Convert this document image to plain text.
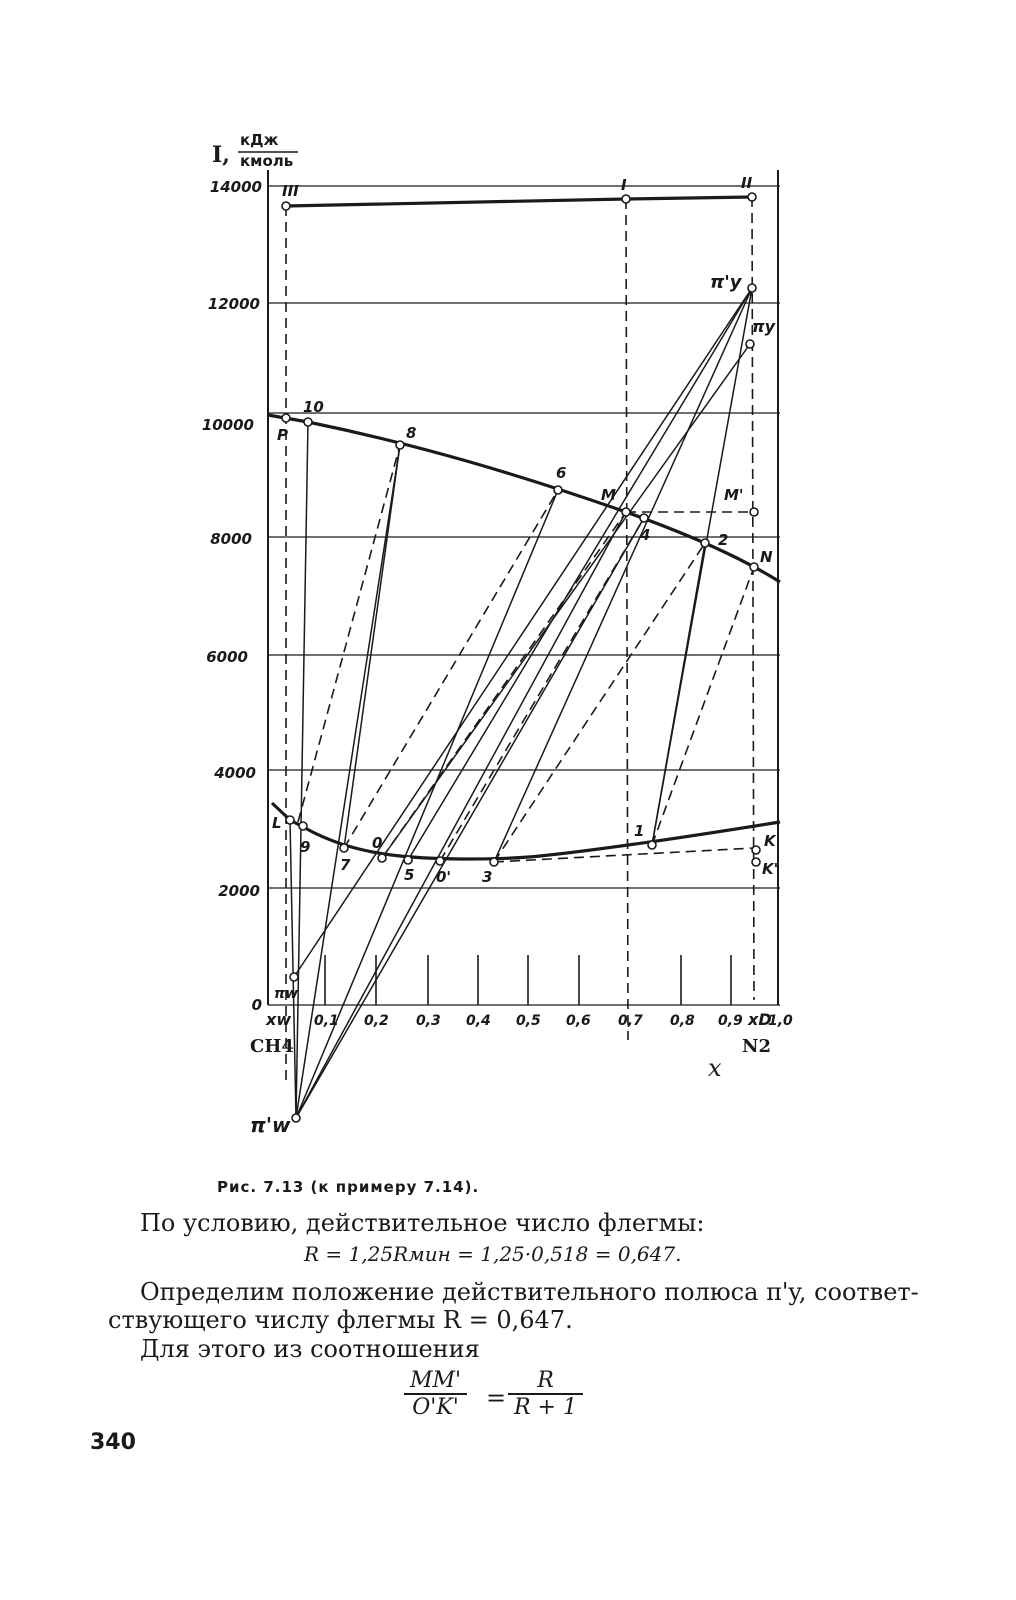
I,
кДж
кмоль
14000
12000
10000
8000
6000
4000
2000
0
xw 0,1 0,2 0,3 0,4 0,5 0,6 0,7 0,8 0,9 xD
1,0
CH4	N2
x
III	I	II
π'y
πy
P
10
8
6
M
4
M'
2
N
L
9
7
0
5 0' 3
1
K
K'
πw
π'w
Рис. 7.13 (к примеру 7.14).
По условию, действительное число флегмы:
R = 1,25Rмин = 1,25·0,518 = 0,647.
Определим положение действительного полюса π'y, соответ-
ствующего числу флегмы R = 0,647.
Для этого из соотношения
$\frac{MM'}{O'K'} = \frac{R}{R + 1}$
340
